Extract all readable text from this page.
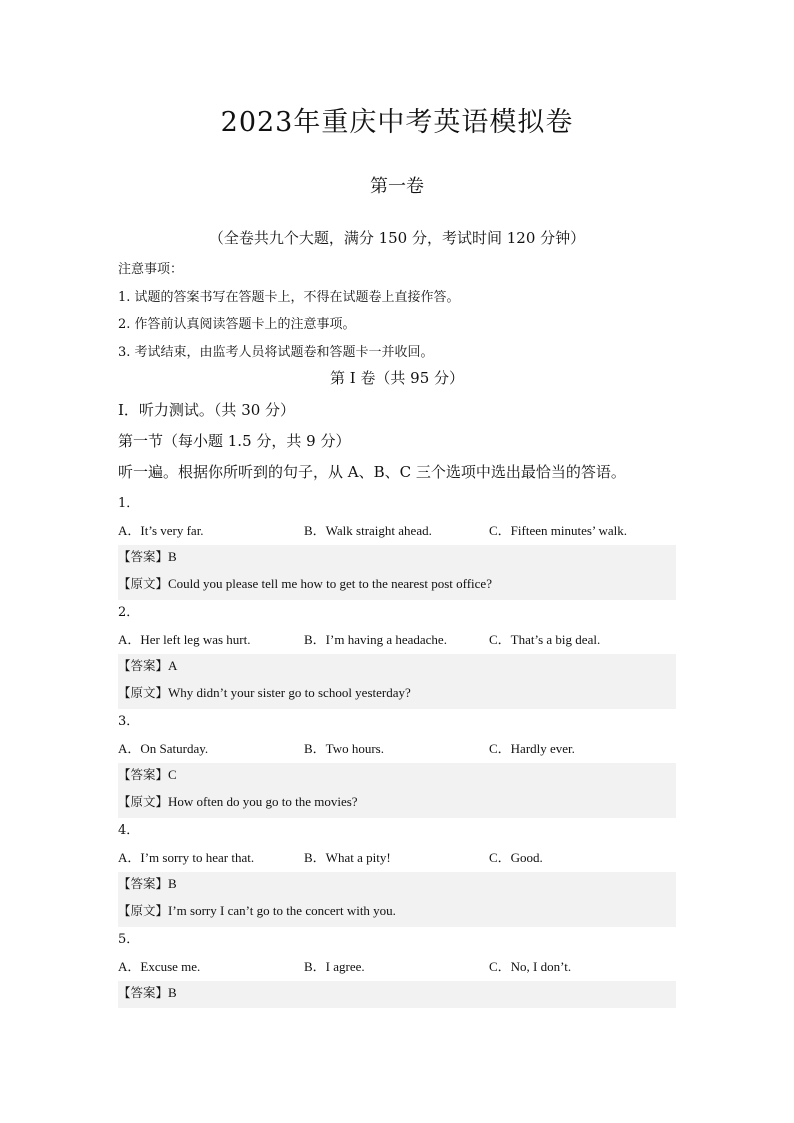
2023年重庆中考英语模拟卷
第一卷
（全卷共九个大题，满分 150 分，考试时间 120 分钟）
注意事项：
1. 试题的答案书写在答题卡上，不得在试题卷上直接作答。
2. 作答前认真阅读答题卡上的注意事项。
3. 考试结束，由监考人员将试题卷和答题卡一并收回。
第 I 卷（共 95 分）
Ⅰ．听力测试。（共 30 分）
第一节（每小题 1.5 分，共 9 分）
听一遍。根据你所听到的句子，从 A、B、C 三个选项中选出最恰当的答语。
1．
A．It’s very far.	B．Walk straight ahead.	C．Fifteen minutes’ walk.
【答案】B
【原文】Could you please tell me how to get to the nearest post office?
2．
A．Her left leg was hurt.	B．I’m having a headache.	C．That’s a big deal.
【答案】A
【原文】Why didn’t your sister go to school yesterday?
3．
A．On Saturday.	B．Two hours.	C．Hardly ever.
【答案】C
【原文】How often do you go to the movies?
4．
A．I’m sorry to hear that.	B．What a pity!	C．Good.
【答案】B
【原文】I’m sorry I can’t go to the concert with you.
5．
A．Excuse me.	B．I agree.	C．No, I don’t.
【答案】B
